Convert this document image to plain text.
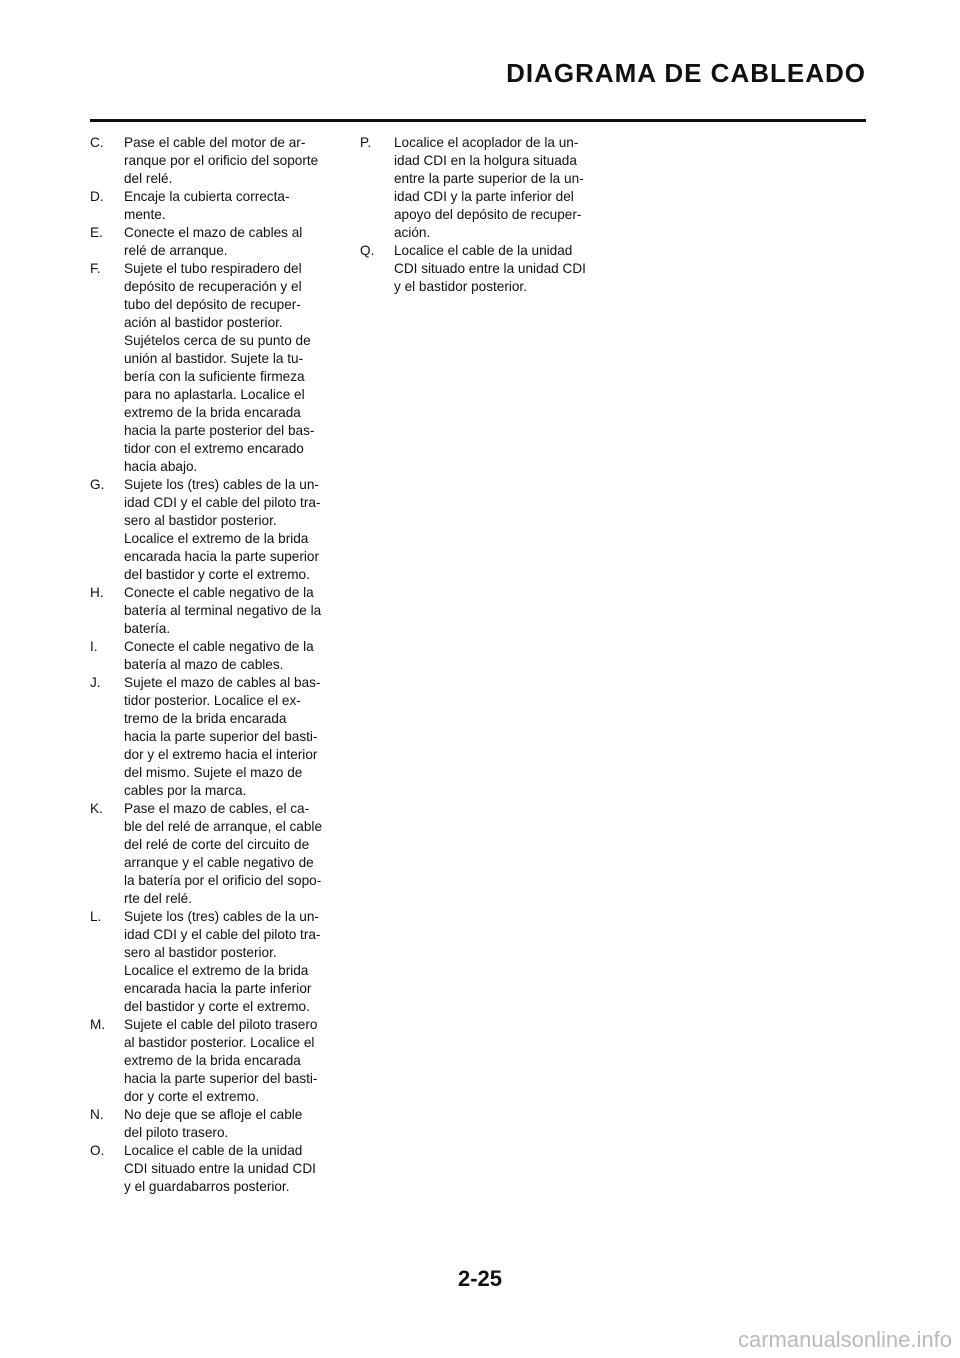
DIAGRAMA DE CABLEADO
C.	Pase el cable del motor de ar-
ranque por el orificio del soporte
del relé.
D.	Encaje la cubierta correcta-
mente.
E.	Conecte el mazo de cables al
relé de arranque.
F.	Sujete el tubo respiradero del
depósito de recuperación y el
tubo del depósito de recuper-
ación al bastidor posterior.
Sujételos cerca de su punto de
unión al bastidor. Sujete la tu-
bería con la suficiente firmeza
para no aplastarla. Localice el
extremo de la brida encarada
hacia la parte posterior del bas-
tidor con el extremo encarado
hacia abajo.
G.	Sujete los (tres) cables de la un-
idad CDI y el cable del piloto tra-
sero al bastidor posterior.
Localice el extremo de la brida
encarada hacia la parte superior
del bastidor y corte el extremo.
H.	Conecte el cable negativo de la
batería al terminal negativo de la
batería.
I.	Conecte el cable negativo de la
batería al mazo de cables.
J.	Sujete el mazo de cables al bas-
tidor posterior. Localice el ex-
tremo de la brida encarada
hacia la parte superior del basti-
dor y el extremo hacia el interior
del mismo. Sujete el mazo de
cables por la marca.
K.	Pase el mazo de cables, el ca-
ble del relé de arranque, el cable
del relé de corte del circuito de
arranque y el cable negativo de
la batería por el orificio del sopo-
rte del relé.
L.	Sujete los (tres) cables de la un-
idad CDI y el cable del piloto tra-
sero al bastidor posterior.
Localice el extremo de la brida
encarada hacia la parte inferior
del bastidor y corte el extremo.
M.	Sujete el cable del piloto trasero
al bastidor posterior. Localice el
extremo de la brida encarada
hacia la parte superior del basti-
dor y corte el extremo.
N.	No deje que se afloje el cable
del piloto trasero.
O.	Localice el cable de la unidad
CDI situado entre la unidad CDI
y el guardabarros posterior.
P.	Localice el acoplador de la un-
idad CDI en la holgura situada
entre la parte superior de la un-
idad CDI y la parte inferior del
apoyo del depósito de recuper-
ación.
Q.	Localice el cable de la unidad
CDI situado entre la unidad CDI
y el bastidor posterior.
2-25
carmanualsonline.info
